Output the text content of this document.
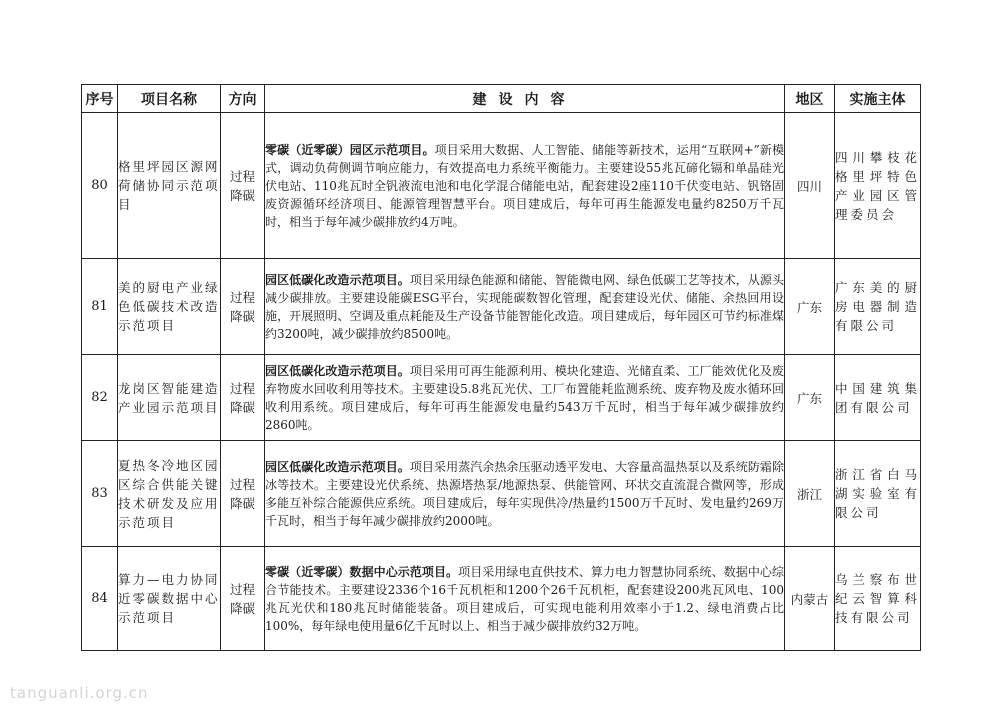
序号	项目名称	方向	建设内容	地区	实施主体
80	格里坪园区源网荷储协同示范项目	过程降碳	零碳（近零碳）园区示范项目。项目采用大数据、人工智能、储能等新技术，运用“互联网+”新模式，调动负荷侧调节响应能力，有效提高电力系统平衡能力。主要建设55兆瓦碲化镉和单晶硅光伏电站、110兆瓦时全钒液流电池和电化学混合储能电站，配套建设2座110千伏变电站、钒铬固废资源循环经济项目、能源管理智慧平台。项目建成后，每年可再生能源发电量约8250万千瓦时，相当于每年减少碳排放约4万吨。	四川	四川攀枝花格里坪特色产业园区管理委员会
81	美的厨电产业绿色低碳技术改造示范项目	过程降碳	园区低碳化改造示范项目。项目采用绿色能源和储能、智能微电网、绿色低碳工艺等技术，从源头减少碳排放。主要建设能碳ESG平台，实现能碳数智化管理，配套建设光伏、储能、余热回用设施，开展照明、空调及重点耗能及生产设备节能智能化改造。项目建成后，每年园区可节约标准煤约3200吨，减少碳排放约8500吨。	广东	广东美的厨房电器制造有限公司
82	龙岗区智能建造产业园示范项目	过程降碳	园区低碳化改造示范项目。项目采用可再生能源利用、模块化建造、光储直柔、工厂能效优化及废弃物废水回收利用等技术。主要建设5.8兆瓦光伏、工厂布置能耗监测系统、废弃物及废水循环回收利用系统。项目建成后，每年可再生能源发电量约543万千瓦时，相当于每年减少碳排放约2860吨。	广东	中国建筑集团有限公司
83	夏热冬冷地区园区综合供能关键技术研发及应用示范项目	过程降碳	园区低碳化改造示范项目。项目采用蒸汽余热余压驱动透平发电、大容量高温热泵以及系统防霜除冰等技术。主要建设光伏系统、热源塔热泵/地源热泵、供能管网、环状交直流混合微网等，形成多能互补综合能源供应系统。项目建成后，每年实现供冷/热量约1500万千瓦时、发电量约269万千瓦时，相当于每年减少碳排放约2000吨。	浙江	浙江省白马湖实验室有限公司
84	算力—电力协同近零碳数据中心示范项目	过程降碳	零碳（近零碳）数据中心示范项目。项目采用绿电直供技术、算力电力智慧协同系统、数据中心综合节能技术。主要建设2336个16千瓦机柜和1200个26千瓦机柜，配套建设200兆瓦风电、100兆瓦光伏和180兆瓦时储能装备。项目建成后，可实现电能利用效率小于1.2、绿电消费占比100%，每年绿电使用量6亿千瓦时以上、相当于减少碳排放约32万吨。	内蒙古	乌兰察布世纪云智算科技有限公司
tanguanli.org.cn
